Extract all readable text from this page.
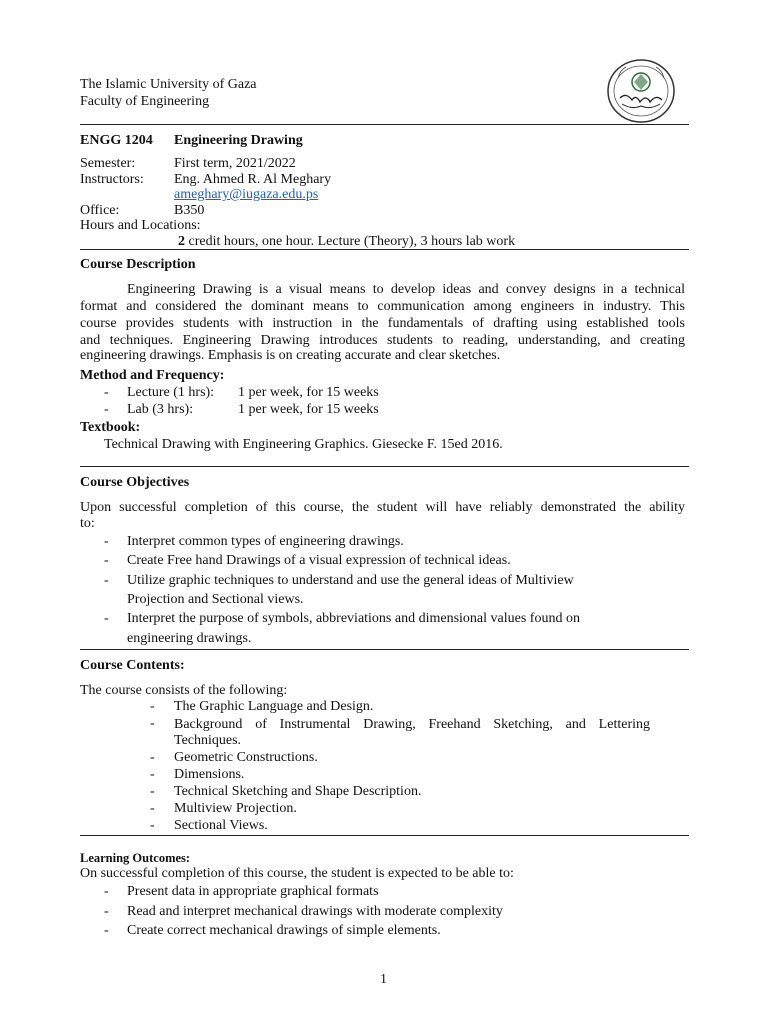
The Islamic University of Gaza
Faculty of Engineering
ENGG 1204 Engineering Drawing
Semester:	First term, 2021/2022
Instructors: Eng. Ahmed R. Al Meghary
ameghary@iugaza.edu.ps
Office:	B350
Hours and Locations:
2 credit hours, one hour. Lecture (Theory), 3 hours lab work
Course Description
Engineering Drawing is a visual means to develop ideas and convey designs in a technical
format and considered the dominant means to communication among engineers in industry. This
course provides students with instruction in the fundamentals of drafting using established tools
and techniques. Engineering Drawing introduces students to reading, understanding, and creating
engineering drawings. Emphasis is on creating accurate and clear sketches.
Method and Frequency:
- Lecture (1 hrs): 1 per week, for 15 weeks
- Lab (3 hrs):	1 per week, for 15 weeks
Textbook:
Technical Drawing with Engineering Graphics. Giesecke F. 15ed 2016.
Course Objectives
Upon successful completion of this course, the student will have reliably demonstrated the ability
to:
- Interpret common types of engineering drawings.
- Create Free hand Drawings of a visual expression of technical ideas.
- Utilize graphic techniques to understand and use the general ideas of Multiview
Projection and Sectional views.
- Interpret the purpose of symbols, abbreviations and dimensional values found on
engineering drawings.
Course Contents:
The course consists of the following:
- The Graphic Language and Design.
- Background of Instrumental Drawing, Freehand Sketching, and Lettering
Techniques.
- Geometric Constructions.
- Dimensions.
- Technical Sketching and Shape Description.
- Multiview Projection.
- Sectional Views.
Learning Outcomes:
On successful completion of this course, the student is expected to be able to:
- Present data in appropriate graphical formats
- Read and interpret mechanical drawings with moderate complexity
- Create correct mechanical drawings of simple elements.
1
